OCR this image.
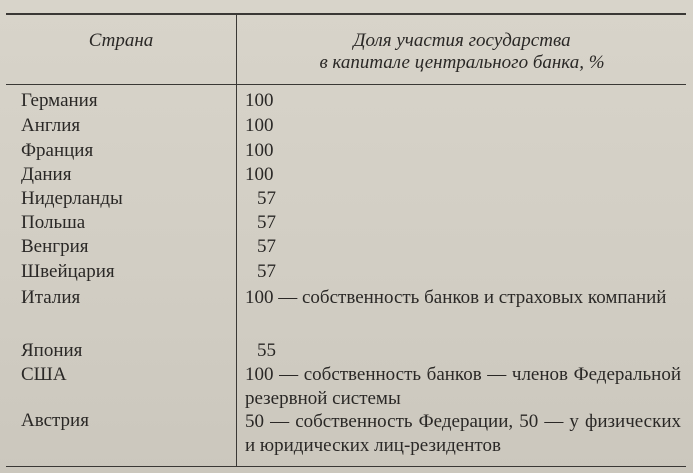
Страна	Доля участия государства
в капитале центрального банка, %
Германия	100
Англия	100
Франция	100
Дания	100
Нидерланды	57
Польша	57
Венгрия	57
Швейцария	57
Италия	100 — собственность банков и страховых компаний
Япония	55
США	100 — собственность банков — членов Федеральной резервной системы
Австрия	50 — собственность Федерации, 50 — у физических и юридических лиц-резидентов
